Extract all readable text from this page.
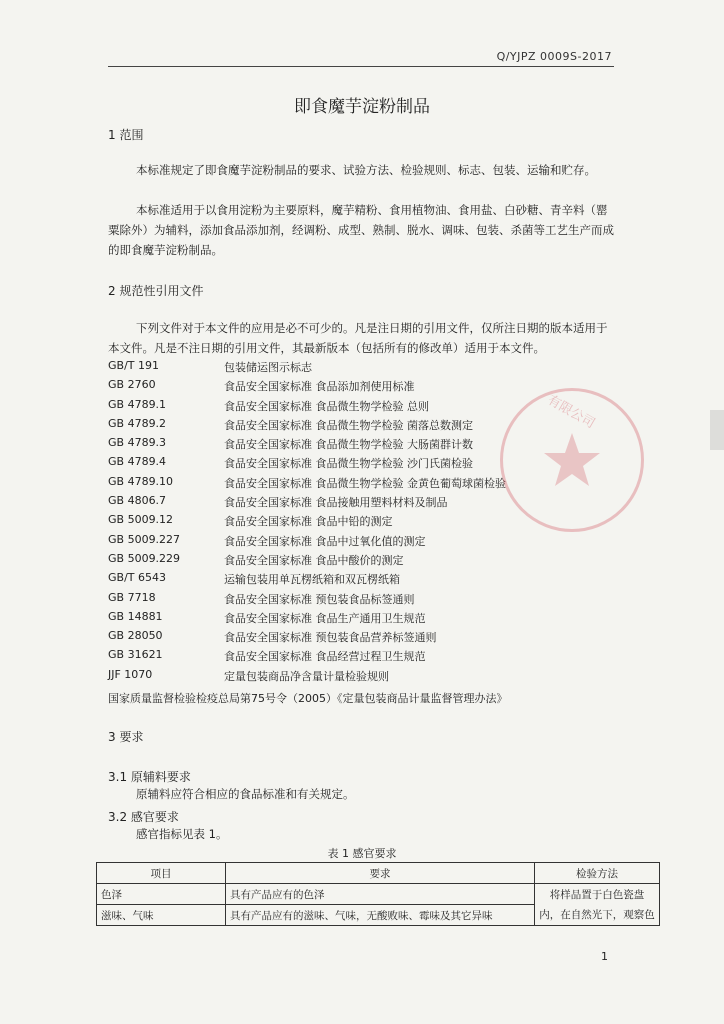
Q/YJPZ 0009S-2017
即食魔芋淀粉制品
1 范围
本标准规定了即食魔芋淀粉制品的要求、试验方法、检验规则、标志、包装、运输和贮存。
本标准适用于以食用淀粉为主要原料，魔芋精粉、食用植物油、食用盐、白砂糖、青辛料（罂粟除外）为辅料，添加食品添加剂，经调粉、成型、熟制、脱水、调味、包装、杀菌等工艺生产而成的即食魔芋淀粉制品。
2 规范性引用文件
下列文件对于本文件的应用是必不可少的。凡是注日期的引用文件，仅所注日期的版本适用于本文件。凡是不注日期的引用文件，其最新版本（包括所有的修改单）适用于本文件。
GB/T 191	包装储运图示标志
GB 2760	食品安全国家标准 食品添加剂使用标准
GB 4789.1	食品安全国家标准 食品微生物学检验 总则
GB 4789.2	食品安全国家标准 食品微生物学检验 菌落总数测定
GB 4789.3	食品安全国家标准 食品微生物学检验 大肠菌群计数
GB 4789.4	食品安全国家标准 食品微生物学检验 沙门氏菌检验
GB 4789.10	食品安全国家标准 食品微生物学检验 金黄色葡萄球菌检验
GB 4806.7	食品安全国家标准 食品接触用塑料材料及制品
GB 5009.12	食品安全国家标准 食品中铅的测定
GB 5009.227	食品安全国家标准 食品中过氧化值的测定
GB 5009.229	食品安全国家标准 食品中酸价的测定
GB/T 6543	运输包装用单瓦楞纸箱和双瓦楞纸箱
GB 7718	食品安全国家标准 预包装食品标签通则
GB 14881	食品安全国家标准 食品生产通用卫生规范
GB 28050	食品安全国家标准 预包装食品营养标签通则
GB 31621	食品安全国家标准 食品经营过程卫生规范
JJF 1070	定量包装商品净含量计量检验规则
国家质量监督检验检疫总局第75号令（2005）《定量包装商品计量监督管理办法》
3 要求
3.1 原辅料要求
原辅料应符合相应的食品标准和有关规定。
3.2 感官要求
感官指标见表 1。
表 1 感官要求
项目	要求	检验方法
色泽	具有产品应有的色泽	将样品置于白色瓷盘
内，在自然光下，观察色

滋味、气味	具有产品应有的滋味、气味，无酸败味、霉味及其它异味	
1
有限公司
